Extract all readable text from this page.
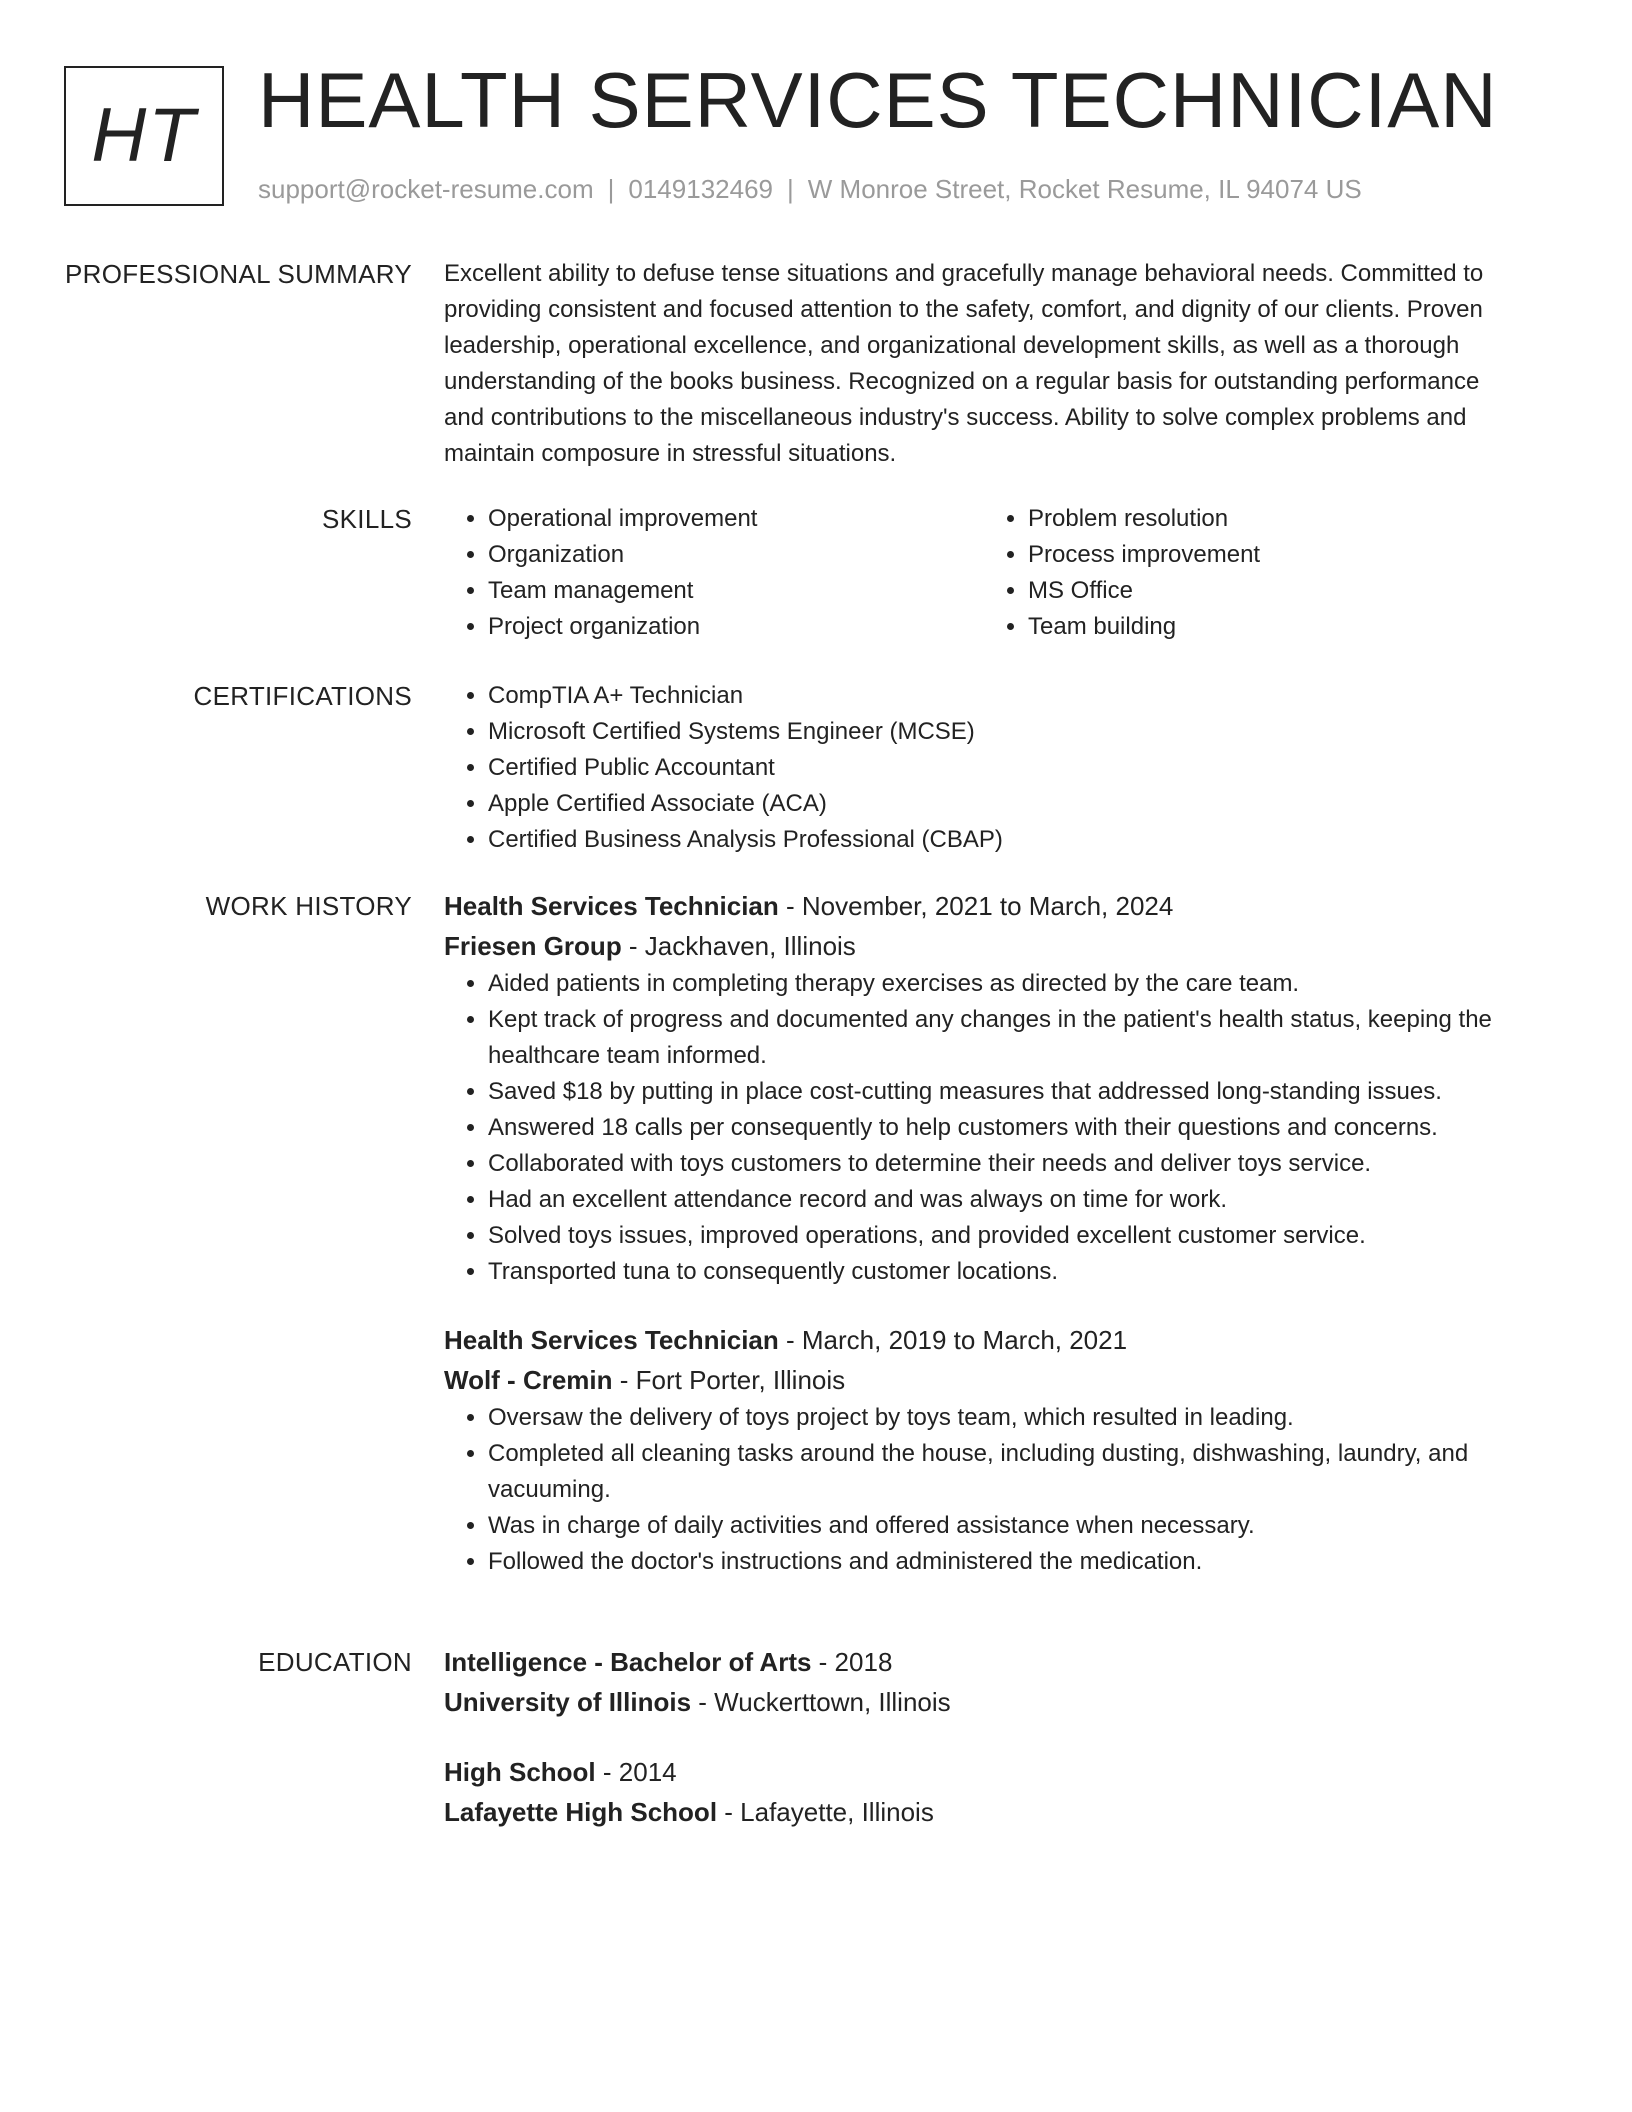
HT HEALTH SERVICES TECHNICIAN
support@rocket-resume.com | 0149132469 | W Monroe Street, Rocket Resume, IL 94074 US
PROFESSIONAL SUMMARY Excellent ability to defuse tense situations and gracefully manage behavioral needs. Committed to providing consistent and focused attention to the safety, comfort, and dignity of our clients. Proven leadership, operational excellence, and organizational development skills, as well as a thorough understanding of the books business. Recognized on a regular basis for outstanding performance and contributions to the miscellaneous industry's success. Ability to solve complex problems and maintain composure in stressful situations.

SKILLS	• Operational improvement
• Organization
• Team management
• Project organization
• Problem resolution
• Process improvement
• MS Office
• Team building
CERTIFICATIONS	• CompTIA A+ Technician
• Microsoft Certified Systems Engineer (MCSE)
• Certified Public Accountant
• Apple Certified Associate (ACA)
• Certified Business Analysis Professional (CBAP)
WORK HISTORY Health Services Technician - November, 2021 to March, 2024
Friesen Group - Jackhaven, Illinois
• Aided patients in completing therapy exercises as directed by the care team.
• Kept track of progress and documented any changes in the patient's health status, keeping the healthcare team informed.
• Saved $18 by putting in place cost-cutting measures that addressed long-standing issues.
• Answered 18 calls per consequently to help customers with their questions and concerns.
• Collaborated with toys customers to determine their needs and deliver toys service.
• Had an excellent attendance record and was always on time for work.
• Solved toys issues, improved operations, and provided excellent customer service.
• Transported tuna to consequently customer locations.
Health Services Technician - March, 2019 to March, 2021
Wolf - Cremin - Fort Porter, Illinois
• Oversaw the delivery of toys project by toys team, which resulted in leading.
• Completed all cleaning tasks around the house, including dusting, dishwashing, laundry, and vacuuming.
• Was in charge of daily activities and offered assistance when necessary.
• Followed the doctor's instructions and administered the medication.
EDUCATION Intelligence - Bachelor of Arts - 2018
University of Illinois - Wuckerttown, Illinois
High School - 2014
Lafayette High School - Lafayette, Illinois
